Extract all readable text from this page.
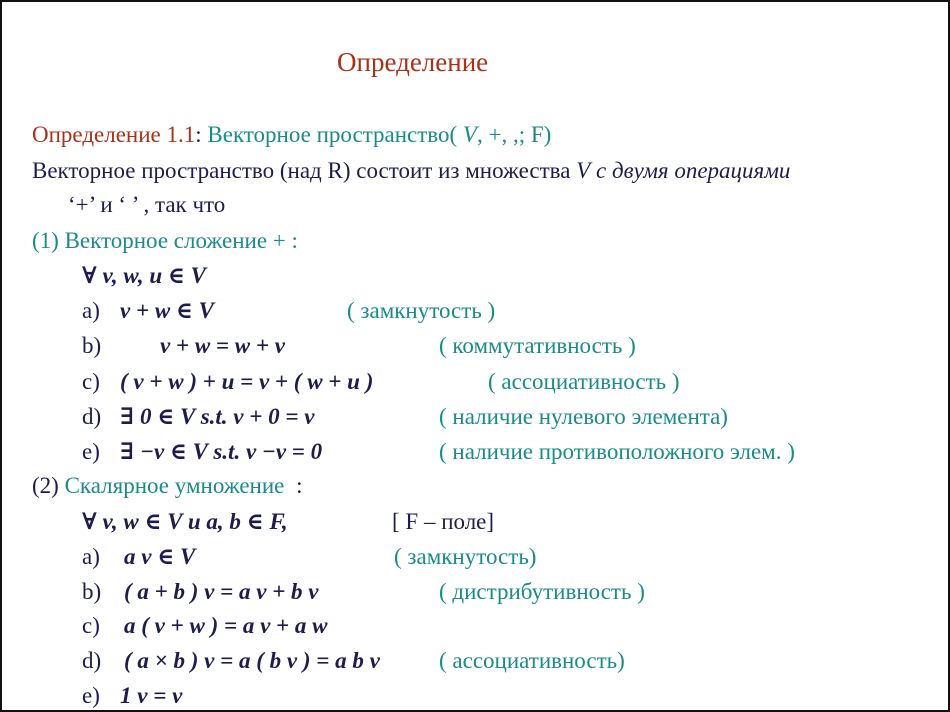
Определение
Определение 1.1: Векторное пространство( V, +, ,; F)
Векторное пространство (над R) состоит из множества V с двумя операциями
‘+’ и ‘ ’ , так что
(1) Векторное сложение + :
∀ v, w, u ∈ V
a) v + w ∈ V	( замкнутость )
b)	v + w = w + v	( коммутативность )
c) ( v + w ) + u = v + ( w + u )	( ассоциативность )
d) ∃ 0 ∈ V s.t. v + 0 = v	( наличие нулевого элемента)
e) ∃ −v ∈ V s.t. v −v = 0	( наличие противоположного элем. )
(2) Скалярное умножение :
∀ v, w ∈ V и a, b ∈ F,	[ F – поле]
a) a v ∈ V	( замкнутость)
b) ( a + b ) v = a v + b v	( дистрибутивность )
c) a ( v + w ) = a v + a w
d) ( a × b ) v = a ( b v ) = a b v	( ассоциативность)
e) 1 v = v
